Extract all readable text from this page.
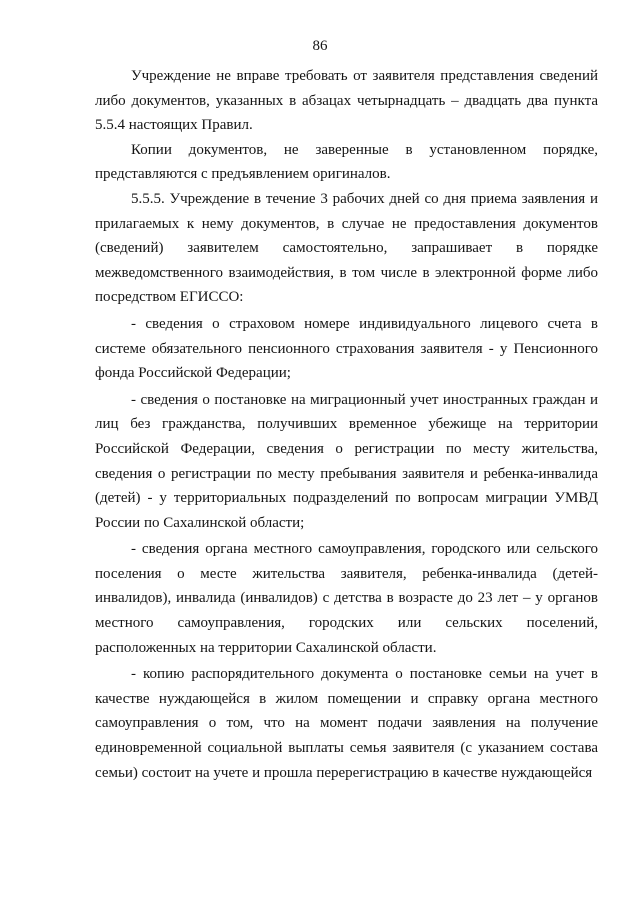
86

Учреждение не вправе требовать от заявителя представления сведений либо документов, указанных в абзацах четырнадцать – двадцать два пункта 5.5.4 настоящих Правил.

Копии документов, не заверенные в установленном порядке, представляются с предъявлением оригиналов.

5.5.5. Учреждение в течение 3 рабочих дней со дня приема заявления и прилагаемых к нему документов, в случае не предоставления документов (сведений) заявителем самостоятельно, запрашивает в порядке межведомственного взаимодействия, в том числе в электронной форме либо посредством ЕГИССО:

- сведения о страховом номере индивидуального лицевого счета в системе обязательного пенсионного страхования заявителя - у Пенсионного фонда Российской Федерации;

- сведения о постановке на миграционный учет иностранных граждан и лиц без гражданства, получивших временное убежище на территории Российской Федерации, сведения о регистрации по месту жительства, сведения о регистрации по месту пребывания заявителя и ребенка-инвалида (детей) - у территориальных подразделений по вопросам миграции УМВД России по Сахалинской области;

- сведения органа местного самоуправления, городского или сельского поселения о месте жительства заявителя, ребенка-инвалида (детей-инвалидов), инвалида (инвалидов) с детства в возрасте до 23 лет – у органов местного самоуправления, городских или сельских поселений, расположенных на территории Сахалинской области.

- копию распорядительного документа о постановке семьи на учет в качестве нуждающейся в жилом помещении и справку органа местного самоуправления о том, что на момент подачи заявления на получение единовременной социальной выплаты семья заявителя (с указанием состава семьи) состоит на учете и прошла перерегистрацию в качестве нуждающейся
